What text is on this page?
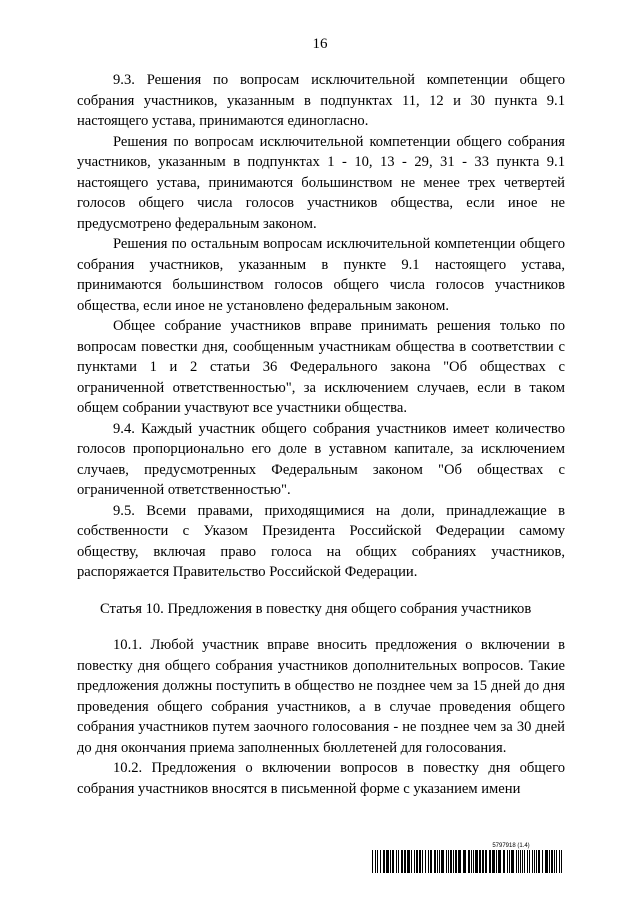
16

9.3. Решения по вопросам исключительной компетенции общего собрания участников, указанным в подпунктах 11, 12 и 30 пункта 9.1 настоящего устава, принимаются единогласно.

Решения по вопросам исключительной компетенции общего собрания участников, указанным в подпунктах 1 - 10, 13 - 29, 31 - 33 пункта 9.1 настоящего устава, принимаются большинством не менее трех четвертей голосов общего числа голосов участников общества, если иное не предусмотрено федеральным законом.

Решения по остальным вопросам исключительной компетенции общего собрания участников, указанным в пункте 9.1 настоящего устава, принимаются большинством голосов общего числа голосов участников общества, если иное не установлено федеральным законом.

Общее собрание участников вправе принимать решения только по вопросам повестки дня, сообщенным участникам общества в соответствии с пунктами 1 и 2 статьи 36 Федерального закона "Об обществах с ограниченной ответственностью", за исключением случаев, если в таком общем собрании участвуют все участники общества.

9.4. Каждый участник общего собрания участников имеет количество голосов пропорционально его доле в уставном капитале, за исключением случаев, предусмотренных Федеральным законом "Об обществах с ограниченной ответственностью".

9.5. Всеми правами, приходящимися на доли, принадлежащие в собственности с Указом Президента Российской Федерации самому обществу, включая право голоса на общих собраниях участников, распоряжается Правительство Российской Федерации.

Статья 10. Предложения в повестку дня общего собрания участников

10.1. Любой участник вправе вносить предложения о включении в повестку дня общего собрания участников дополнительных вопросов. Такие предложения должны поступить в общество не позднее чем за 15 дней до дня проведения общего собрания участников, а в случае проведения общего собрания участников путем заочного голосования - не позднее чем за 30 дней до дня окончания приема заполненных бюллетеней для голосования.

10.2. Предложения о включении вопросов в повестку дня общего собрания участников вносятся в письменной форме с указанием имени

5797918 (1.4)
